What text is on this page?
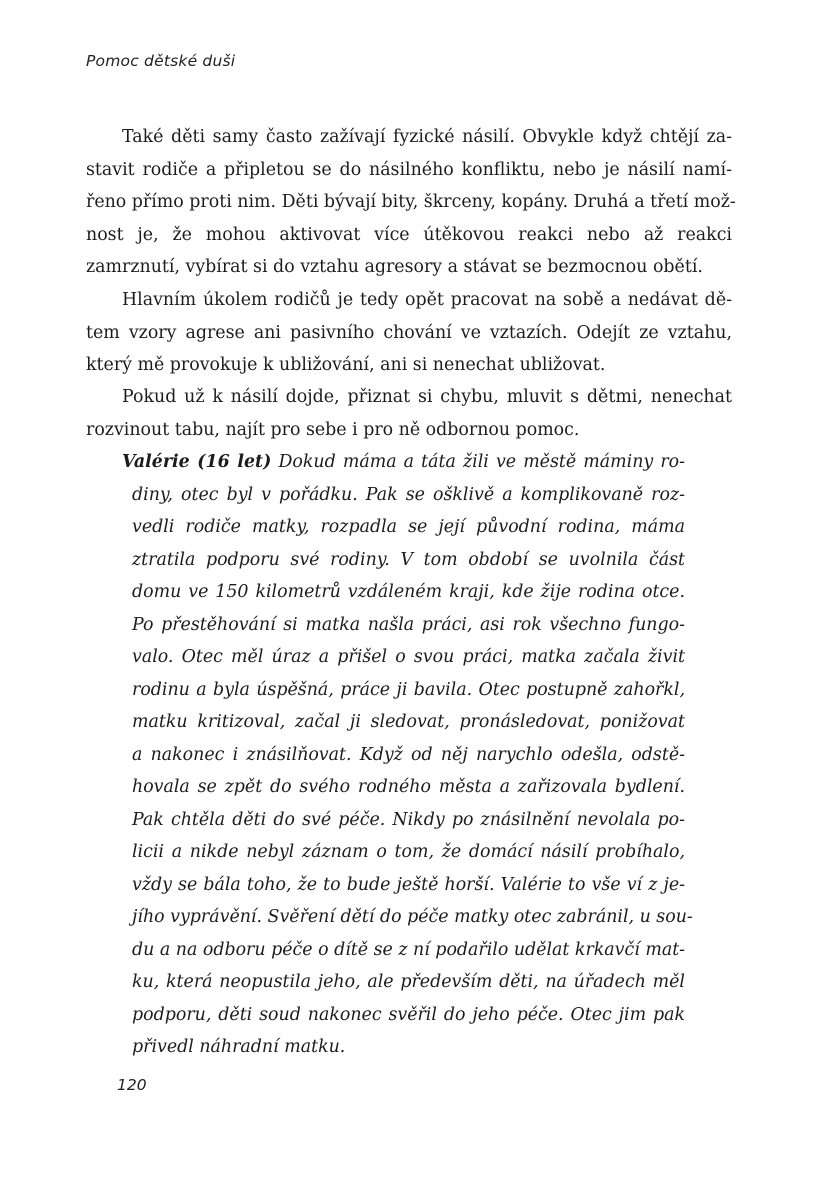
Pomoc dětské duši

Také děti samy často zažívají fyzické násilí. Obvykle když chtějí za-
stavit rodiče a připletou se do násilného konfliktu, nebo je násilí namí-
řeno přímo proti nim. Děti bývají bity, škrceny, kopány. Druhá a třetí mož-
nost je, že mohou aktivovat více útěkovou reakci nebo až reakci
zamrznutí, vybírat si do vztahu agresory a stávat se bezmocnou obětí.

Hlavním úkolem rodičů je tedy opět pracovat na sobě a nedávat dě-
tem vzory agrese ani pasivního chování ve vztazích. Odejít ze vztahu,
který mě provokuje k ubližování, ani si nenechat ubližovat.

Pokud už k násilí dojde, přiznat si chybu, mluvit s dětmi, nenechat
rozvinout tabu, najít pro sebe i pro ně odbornou pomoc.

Valérie (16 let) Dokud máma a táta žili ve městě máminy ro-
diny, otec byl v pořádku. Pak se ošklivě a komplikovaně roz-
vedli rodiče matky, rozpadla se její původní rodina, máma
ztratila podporu své rodiny. V tom období se uvolnila část
domu ve 150 kilometrů vzdáleném kraji, kde žije rodina otce.
Po přestěhování si matka našla práci, asi rok všechno fungo-
valo. Otec měl úraz a přišel o svou práci, matka začala živit
rodinu a byla úspěšná, práce ji bavila. Otec postupně zahořkl,
matku kritizoval, začal ji sledovat, pronásledovat, ponižovat
a nakonec i znásilňovat. Když od něj narychlo odešla, odstě-
hovala se zpět do svého rodného města a zařizovala bydlení.
Pak chtěla děti do své péče. Nikdy po znásilnění nevolala po-
licii a nikde nebyl záznam o tom, že domácí násilí probíhalo,
vždy se bála toho, že to bude ještě horší. Valérie to vše ví z je-
jího vyprávění. Svěření dětí do péče matky otec zabránil, u sou-
du a na odboru péče o dítě se z ní podařilo udělat krkavčí mat-
ku, která neopustila jeho, ale především děti, na úřadech měl
podporu, děti soud nakonec svěřil do jeho péče. Otec jim pak
přivedl náhradní matku.

120
